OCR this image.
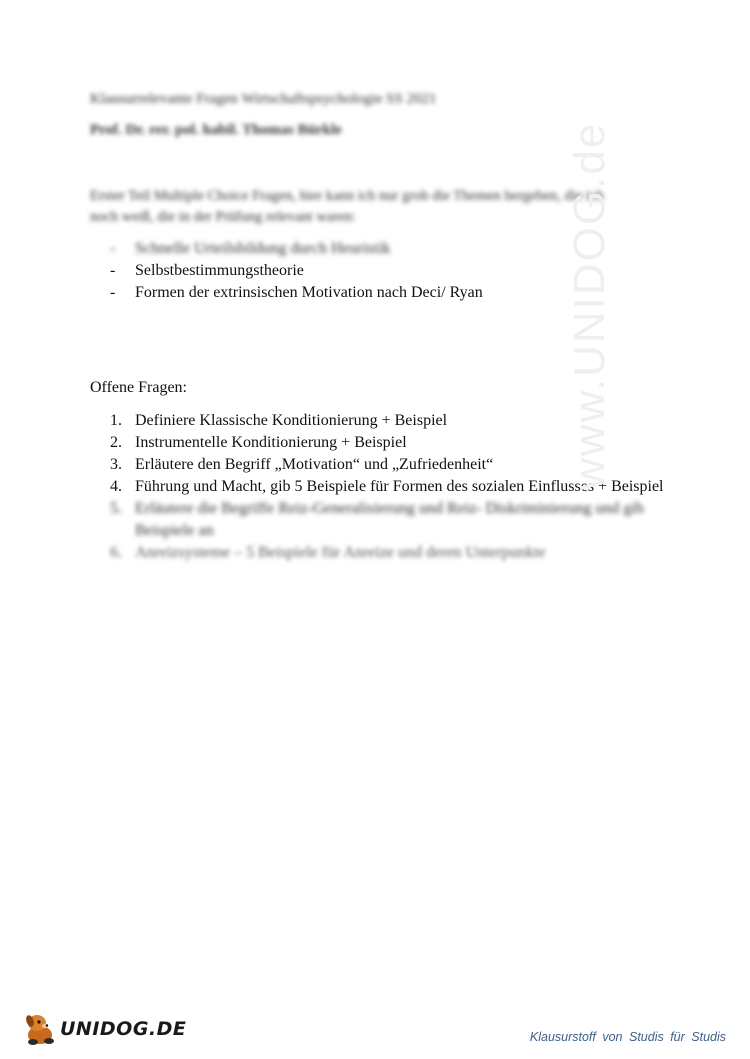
Klausurrelevante Fragen Wirtschaftspsychologie SS 2021
Prof. Dr. rer. pol. habil. Thomas Bürkle
Erster Teil Multiple Choice Fragen, hier kann ich nur grob die Themen hergeben, die ich noch weiß, die in der Prüfung relevant waren:
-	Schnelle Urteilsbildung durch Heuristik
-	Selbstbestimmungstheorie
-	Formen der extrinsischen Motivation nach Deci/ Ryan
Offene Fragen:
1. Definiere Klassische Konditionierung + Beispiel
2. Instrumentelle Konditionierung + Beispiel
3. Erläutere den Begriff „Motivation“ und „Zufriedenheit“
4. Führung und Macht, gib 5 Beispiele für Formen des sozialen Einflusses + Beispiel
5. Erläutere die Begriffe Reiz-Generalisierung und Reiz- Diskriminierung und gib Beispiele an
6. Anreizsysteme – 5 Beispiele für Anreize und deren Unterpunkte
www.UNIDOG.de
UNIDOG.DE	Klausurstoff von Studis für Studis
